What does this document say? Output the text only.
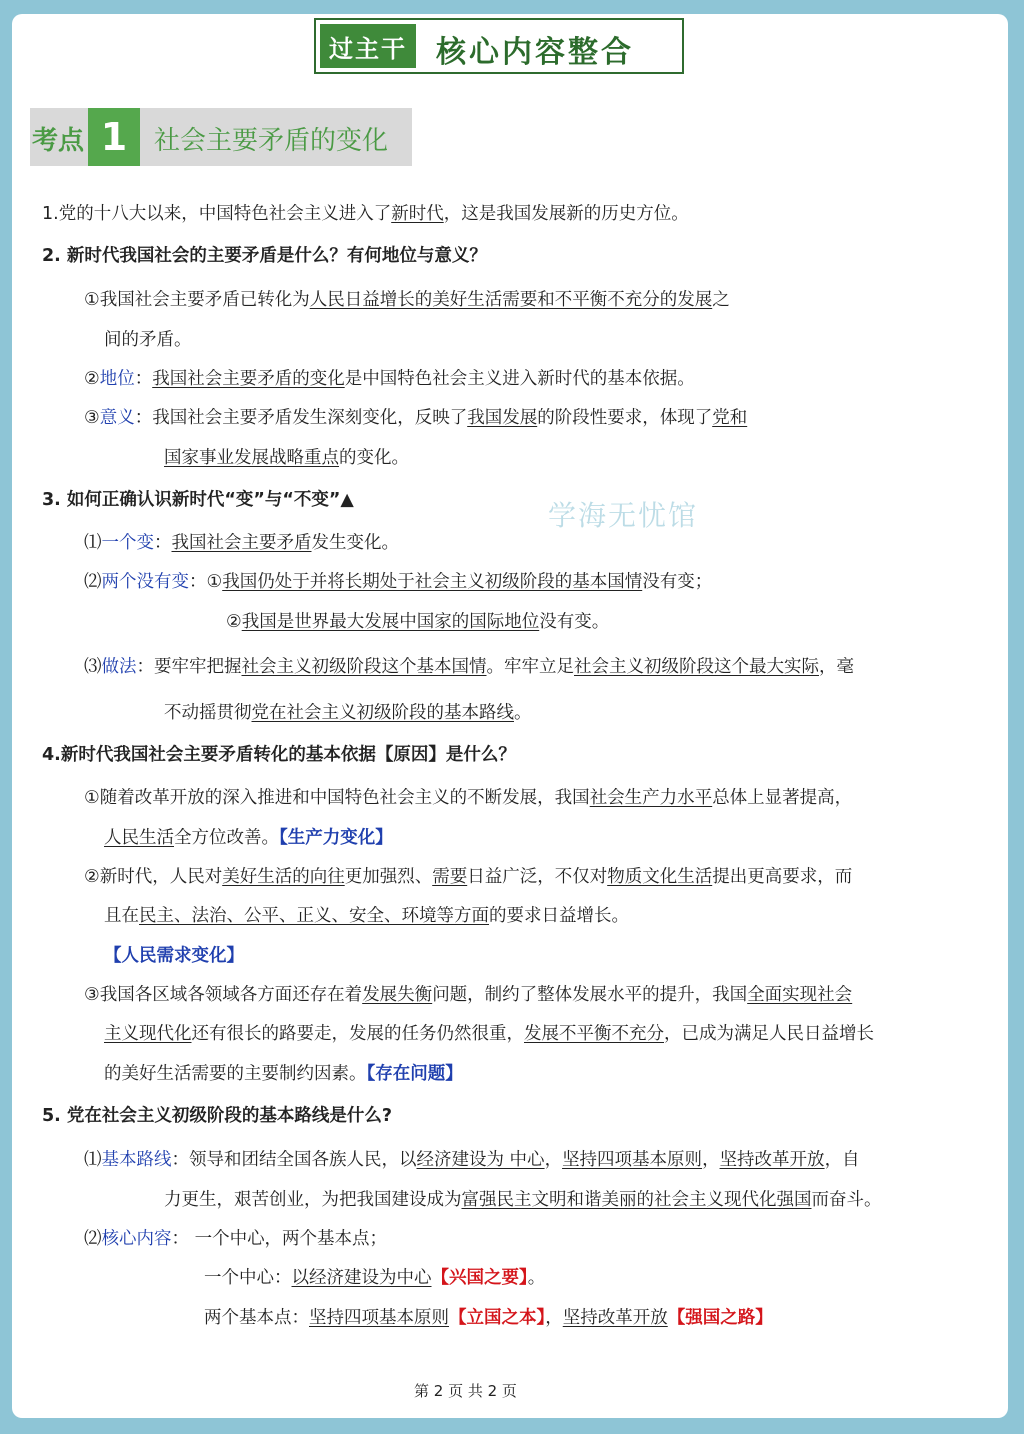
过主干 核心内容整合
考点 1	社会主要矛盾的变化
1.党的十八大以来，中国特色社会主义进入了新时代，这是我国发展新的历史方位。
2. 新时代我国社会的主要矛盾是什么？有何地位与意义？
①我国社会主要矛盾已转化为人民日益增长的美好生活需要和不平衡不充分的发展之
间的矛盾。
②地位：我国社会主要矛盾的变化是中国特色社会主义进入新时代的基本依据。
③意义：我国社会主要矛盾发生深刻变化，反映了我国发展的阶段性要求，体现了党和
国家事业发展战略重点的变化。
3. 如何正确认识新时代“变”与“不变”▲	学海无忧馆
⑴一个变：我国社会主要矛盾发生变化。
⑵两个没有变：①我国仍处于并将长期处于社会主义初级阶段的基本国情没有变；
②我国是世界最大发展中国家的国际地位没有变。
⑶做法：要牢牢把握社会主义初级阶段这个基本国情。牢牢立足社会主义初级阶段这个最大实际，毫
不动摇贯彻党在社会主义初级阶段的基本路线。
4.新时代我国社会主要矛盾转化的基本依据【原因】是什么？
①随着改革开放的深入推进和中国特色社会主义的不断发展，我国社会生产力水平总体上显著提高，
人民生活全方位改善。【生产力变化】
②新时代，人民对美好生活的向往更加强烈、需要日益广泛，不仅对物质文化生活提出更高要求，而
且在民主、法治、公平、正义、安全、环境等方面的要求日益增长。
【人民需求变化】
③我国各区域各领域各方面还存在着发展失衡问题，制约了整体发展水平的提升，我国全面实现社会
主义现代化还有很长的路要走，发展的任务仍然很重，发展不平衡不充分，已成为满足人民日益增长
的美好生活需要的主要制约因素。【存在问题】
5. 党在社会主义初级阶段的基本路线是什么?
⑴基本路线：领导和团结全国各族人民，以经济建设为 中心，坚持四项基本原则，坚持改革开放，自
力更生，艰苦创业，为把我国建设成为富强民主文明和谐美丽的社会主义现代化强国而奋斗。
⑵核心内容： 一个中心，两个基本点；
一个中心：以经济建设为中心【兴国之要】。
两个基本点：坚持四项基本原则【立国之本】，坚持改革开放【强国之路】
第 2 页 共 2 页
